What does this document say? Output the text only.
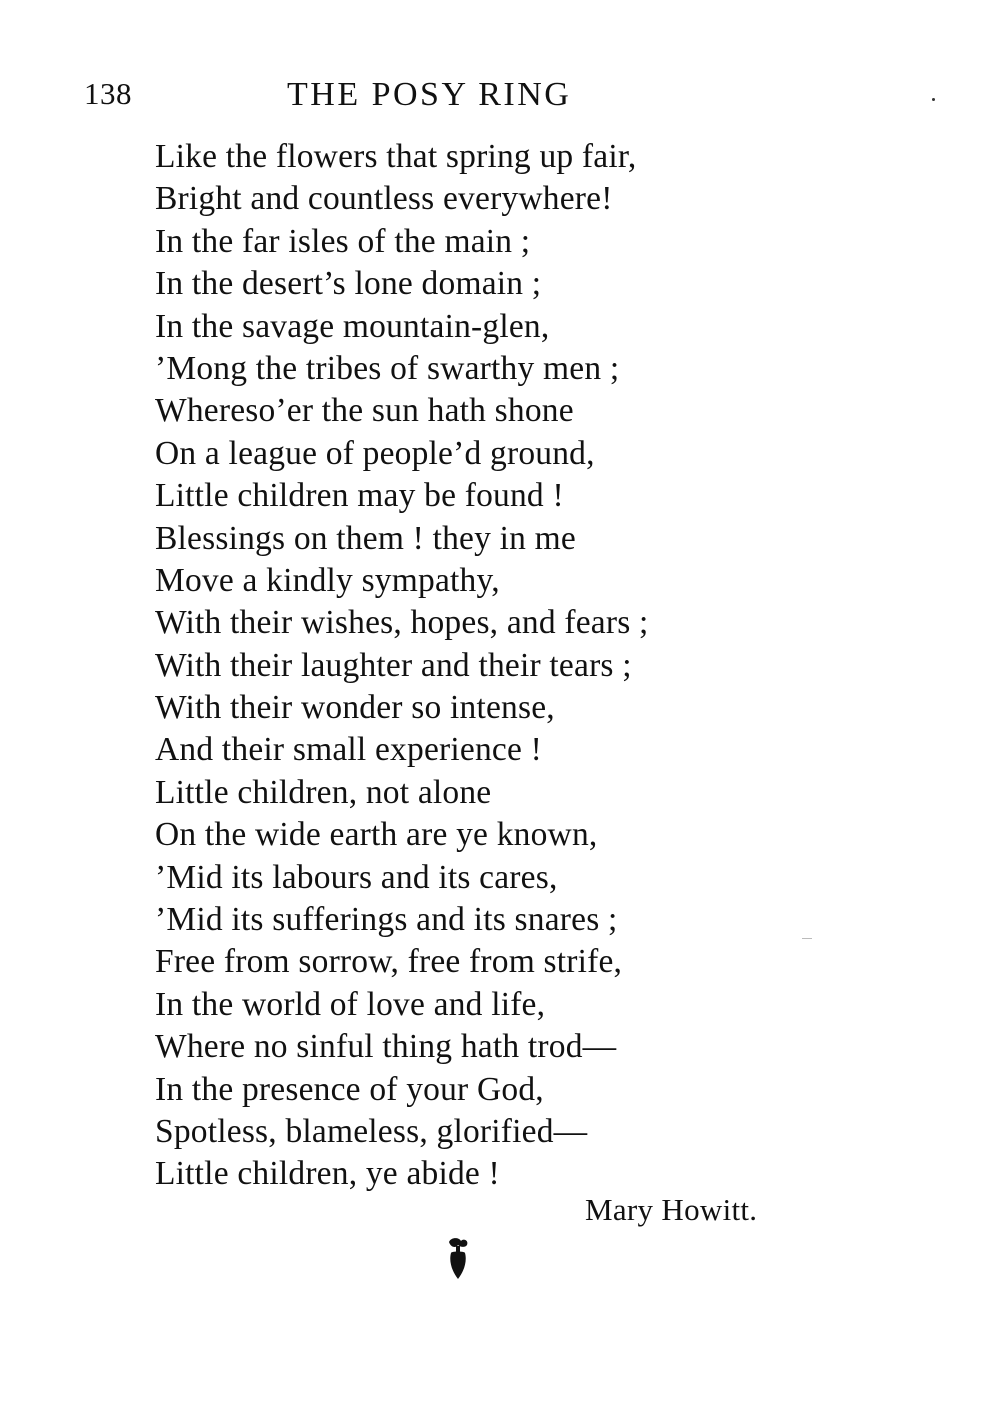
138	THE POSY RING
Like the flowers that spring up fair,
Bright and countless everywhere!
In the far isles of the main ;
In the desert’s lone domain ;
In the savage mountain-glen,
’Mong the tribes of swarthy men ;
Whereso’er the sun hath shone
On a league of people’d ground,
Little children may be found !
Blessings on them ! they in me
Move a kindly sympathy,
With their wishes, hopes, and fears ;
With their laughter and their tears ;
With their wonder so intense,
And their small experience !
Little children, not alone
On the wide earth are ye known,
’Mid its labours and its cares,
’Mid its sufferings and its snares ;
Free from sorrow, free from strife,
In the world of love and life,
Where no sinful thing hath trod—
In the presence of your God,
Spotless, blameless, glorified—
Little children, ye abide !
Mary Howitt.
